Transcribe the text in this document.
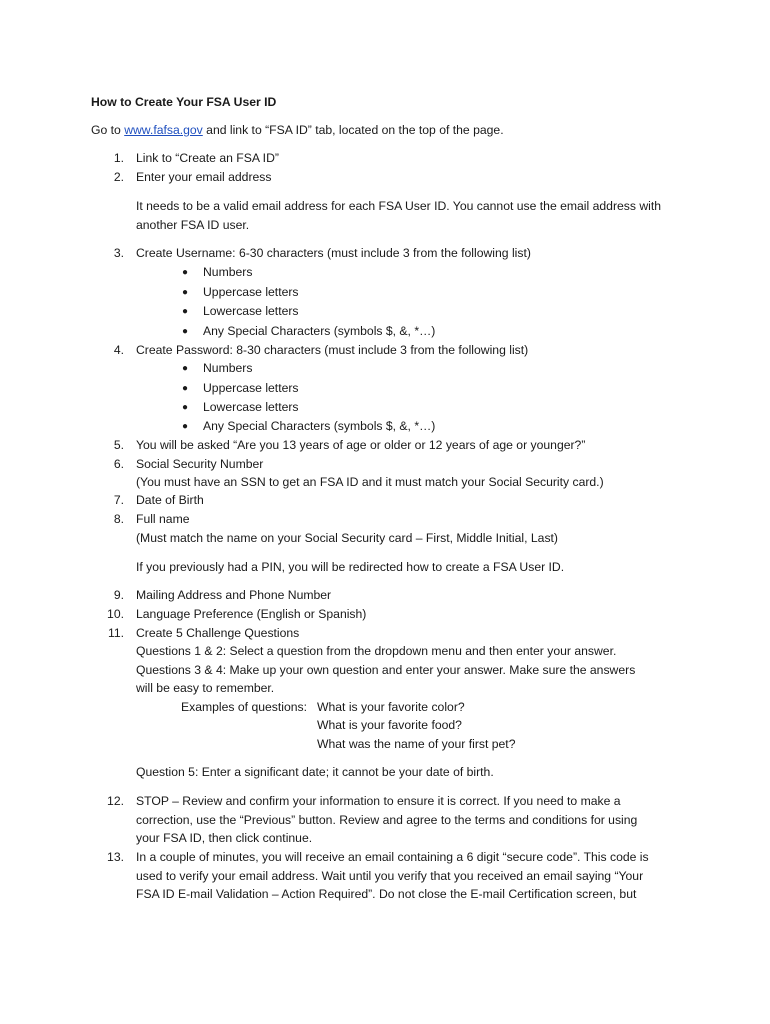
How to Create Your FSA User ID
Go to www.fafsa.gov and link to “FSA ID” tab, located on the top of the page.
1. Link to “Create an FSA ID”
2. Enter your email address
It needs to be a valid email address for each FSA User ID. You cannot use the email address with
another FSA ID user.
3. Create Username: 6-30 characters (must include 3 from the following list)
● Numbers
● Uppercase letters
● Lowercase letters
● Any Special Characters (symbols $, &, *…)
4. Create Password: 8-30 characters (must include 3 from the following list)
● Numbers
● Uppercase letters
● Lowercase letters
● Any Special Characters (symbols $, &, *…)
5. You will be asked “Are you 13 years of age or older or 12 years of age or younger?”
6. Social Security Number
(You must have an SSN to get an FSA ID and it must match your Social Security card.)
7. Date of Birth
8. Full name
(Must match the name on your Social Security card – First, Middle Initial, Last)
If you previously had a PIN, you will be redirected how to create a FSA User ID.
9. Mailing Address and Phone Number
10. Language Preference (English or Spanish)
11. Create 5 Challenge Questions
Questions 1 & 2: Select a question from the dropdown menu and then enter your answer.
Questions 3 & 4: Make up your own question and enter your answer. Make sure the answers
will be easy to remember.
Examples of questions: What is your favorite color?
What is your favorite food?
What was the name of your first pet?
Question 5: Enter a significant date; it cannot be your date of birth.
12. STOP – Review and confirm your information to ensure it is correct. If you need to make a
correction, use the “Previous” button. Review and agree to the terms and conditions for using
your FSA ID, then click continue.
13. In a couple of minutes, you will receive an email containing a 6 digit “secure code”. This code is
used to verify your email address. Wait until you verify that you received an email saying “Your
FSA ID E-mail Validation – Action Required”. Do not close the E-mail Certification screen, but
